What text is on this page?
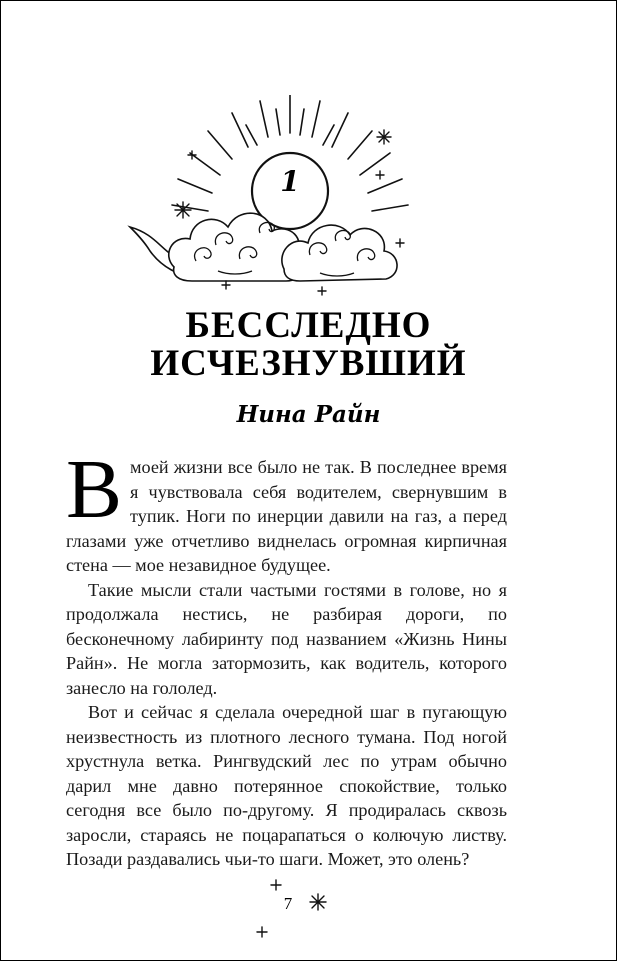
1
БЕССЛЕДНО
ИСЧЕЗНУВШИЙ
Нина Райн

Вмоей жизни все было не так. В последнее время я чувствовала себя водителем, свернувшим в тупик. Ноги по инерции давили на газ, а перед глазами уже отчетливо виднелась огромная кирпичная стена — мое незавидное будущее.

Такие мысли стали частыми гостями в голове, но я продолжала нестись, не разбирая дороги, по бесконечному лабиринту под названием «Жизнь Нины Райн». Не могла затормозить, как водитель, которого занесло на гололед.

Вот и сейчас я сделала очередной шаг в пугающую неизвестность из плотного лесного тумана. Под ногой хрустнула ветка. Рингвудский лес по утрам обычно дарил мне давно потерянное спокойствие, только сегодня все было по-другому. Я продиралась сквозь заросли, стараясь не поцарапаться о колючую листву. Позади раздавались чьи-то шаги. Может, это олень?

7
